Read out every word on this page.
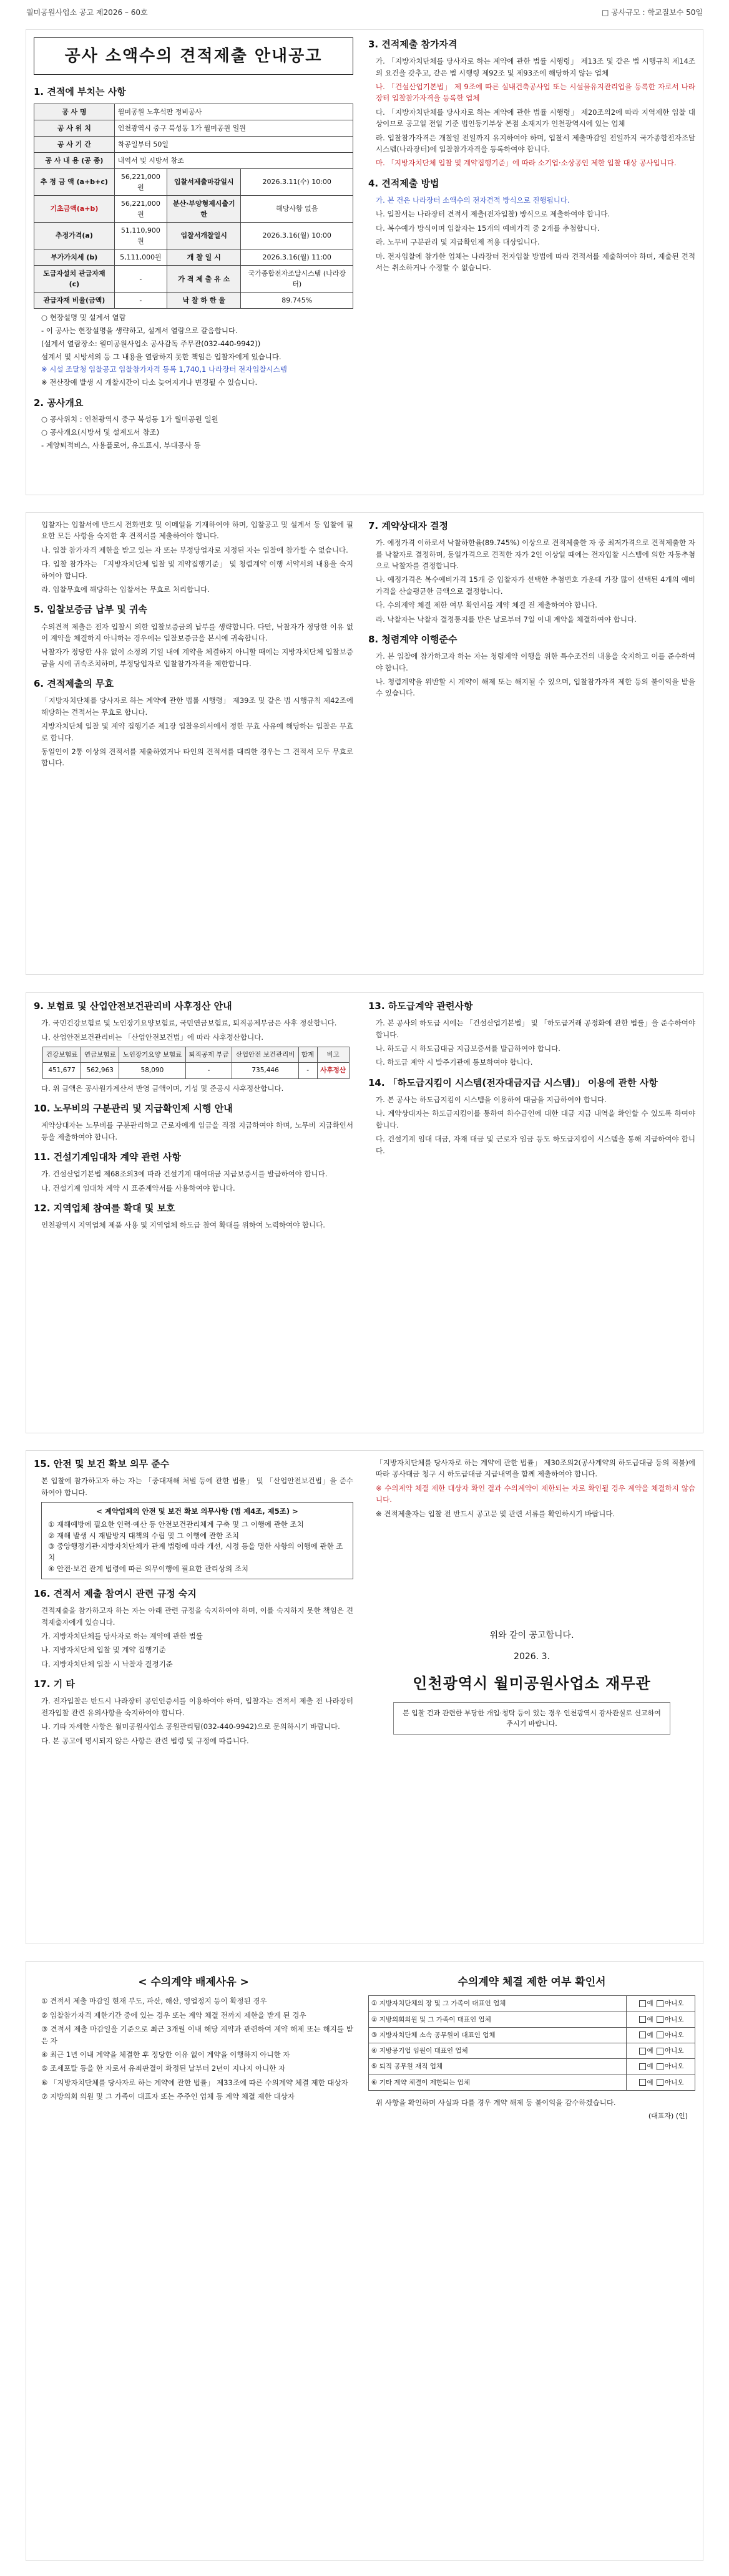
월미공원사업소 공고 제2026 – 60호	□ 공사규모 : 학교질보수 50일
공사 소액수의 견적제출 안내공고
1. 견적에 부치는 사항
공 사 명	월미공원 노후석판 정비공사		
공 사 위 치	인천광역시 중구 북성동 1가 월미공원 일원		
공 사 기 간	착공일부터 50일		
공 사 내 용 (공 종)	내역서 및 시방서 참조		
추 정 금 액 (a+b+c)	56,221,000원	입찰서제출마감일시	2026.3.11(수) 10:00
기초금액(a+b)	56,221,000원	분산·부양형제시출기한	해당사항 없음
추정가격(a)	51,110,900원	입찰서개찰일시	2026.3.16(월) 10:00
부가가치세 (b)	5,111,000원	개 찰 일 시	2026.3.16(월) 11:00
도급자설치 관급자재 (c)	-	가 격 제 출 유 소	국가종합전자조달시스템 (나라장터)
관급자재 비율(금액)	-	낙 찰 하 한 율	89.745%
○ 현장설명 및 설계서 열람
- 이 공사는 현장설명을 생략하고, 설계서 열람으로 갈음합니다.
(설계서 열람장소: 월미공원사업소 공사감독 주무관(032-440-9942))
설계서 및 시방서의 등 그 내용을 열람하지 못한 책임은 입찰자에게 있습니다.
※ 시설 조달청 입찰공고 입찰참가자격 등록 1,740,1 나라장터 전자입찰시스템
※ 전산장애 발생 시 개찰시간이 다소 늦어지거나 변경될 수 있습니다.
2. 공사개요
○ 공사위치 : 인천광역시 중구 북성동 1가 월미공원 일원
○ 공사개요(시방서 및 설계도서 참조)
- 계양퇴적비스, 사용플로어, 유도표시, 부대공사 등
3. 견적제출 참가자격
가. 「지방자치단체를 당사자로 하는 계약에 관한 법률 시행령」 제13조 및 같은 법 시행규칙 제14조의 요건을 갖추고, 같은 법 시행령 제92조 및 제93조에 해당하지 않는 업체
나. 「건설산업기본법」 제 9조에 따른 실내건축공사업 또는 시설물유지관리업을 등록한 자로서 나라장터 입찰참가자격을 등록한 업체
다. 「지방자치단체를 당사자로 하는 계약에 관한 법률 시행령」 제20조의2에 따라 지역제한 입찰 대상이므로 공고일 전일 기준 법인등기부상 본점 소재지가 인천광역시에 있는 업체
라. 입찰참가자격은 개찰일 전일까지 유지하여야 하며, 입찰서 제출마감일 전일까지 국가종합전자조달시스템(나라장터)에 입찰참가자격을 등록하여야 합니다.
마. 「지방자치단체 입찰 및 계약집행기준」에 따라 소기업·소상공인 제한 입찰 대상 공사입니다.
4. 견적제출 방법
가. 본 건은 나라장터 소액수의 전자견적 방식으로 진행됩니다.
나. 입찰서는 나라장터 견적서 제출(전자입찰) 방식으로 제출하여야 합니다.
다. 복수예가 방식이며 입찰자는 15개의 예비가격 중 2개를 추첨합니다.
라. 노무비 구분관리 및 지급확인제 적용 대상입니다.
마. 전자입찰에 참가한 업체는 나라장터 전자입찰 방법에 따라 견적서를 제출하여야 하며, 제출된 견적서는 취소하거나 수정할 수 없습니다.
입찰자는 입찰서에 반드시 전화번호 및 이메일을 기재하여야 하며, 입찰공고 및 설계서 등 입찰에 필요한 모든 사항을 숙지한 후 견적서를 제출하여야 합니다.
나. 입찰 참가자격 제한을 받고 있는 자 또는 부정당업자로 지정된 자는 입찰에 참가할 수 없습니다.
다. 입찰 참가자는 「지방자치단체 입찰 및 계약집행기준」 및 청렴계약 이행 서약서의 내용을 숙지하여야 합니다.
라. 입찰무효에 해당하는 입찰서는 무효로 처리합니다.
5. 입찰보증금 납부 및 귀속
수의견적 제출은 전자 입찰시 의한 입찰보증금의 납부를 생략합니다. 다만, 낙찰자가 정당한 이유 없이 계약을 체결하지 아니하는 경우에는 입찰보증금을 본시에 귀속합니다.
낙찰자가 정당한 사유 없이 소정의 기일 내에 계약을 체결하지 아니할 때에는 지방자치단체 입찰보증금을 시에 귀속조치하며, 부정당업자로 입찰참가자격을 제한합니다.
6. 견적제출의 무효
「지방자치단체를 당사자로 하는 계약에 관한 법률 시행령」 제39조 및 같은 법 시행규칙 제42조에 해당하는 견적서는 무효로 합니다.
지방자치단체 입찰 및 계약 집행기준 제1장 입찰유의서에서 정한 무효 사유에 해당하는 입찰은 무효로 합니다.
동일인이 2통 이상의 견적서를 제출하였거나 타인의 견적서를 대리한 경우는 그 견적서 모두 무효로 합니다.
7. 계약상대자 결정
가. 예정가격 이하로서 낙찰하한율(89.745%) 이상으로 견적제출한 자 중 최저가격으로 견적제출한 자를 낙찰자로 결정하며, 동일가격으로 견적한 자가 2인 이상일 때에는 전자입찰 시스템에 의한 자동추첨으로 낙찰자를 결정합니다.
나. 예정가격은 복수예비가격 15개 중 입찰자가 선택한 추첨번호 가운데 가장 많이 선택된 4개의 예비가격을 산술평균한 금액으로 결정합니다.
다. 수의계약 체결 제한 여부 확인서를 계약 체결 전 제출하여야 합니다.
라. 낙찰자는 낙찰자 결정통지를 받은 날로부터 7일 이내 계약을 체결하여야 합니다.
8. 청렴계약 이행준수
가. 본 입찰에 참가하고자 하는 자는 청렴계약 이행을 위한 특수조건의 내용을 숙지하고 이를 준수하여야 합니다.
나. 청렴계약을 위반할 시 계약이 해제 또는 해지될 수 있으며, 입찰참가자격 제한 등의 불이익을 받을 수 있습니다.
9. 보험료 및 산업안전보건관리비 사후정산 안내
가. 국민건강보험료 및 노인장기요양보험료, 국민연금보험료, 퇴직공제부금은 사후 정산합니다.
나. 산업안전보건관리비는 「산업안전보건법」에 따라 사후정산합니다.
건강보험료	연금보험료	노인장기요양 보험료	퇴직공제 부금	산업안전 보건관리비	합계	비고
451,677	562,963	58,090	-	735,446	-	사후정산
다. 위 금액은 공사원가계산서 반영 금액이며, 기성 및 준공시 사후정산합니다.
10. 노무비의 구분관리 및 지급확인제 시행 안내
계약상대자는 노무비를 구분관리하고 근로자에게 임금을 직접 지급하여야 하며, 노무비 지급확인서 등을 제출하여야 합니다.
11. 건설기계임대차 계약 관련 사항
가. 건설산업기본법 제68조의3에 따라 건설기계 대여대금 지급보증서를 발급하여야 합니다.
나. 건설기계 임대차 계약 시 표준계약서를 사용하여야 합니다.
12. 지역업체 참여를 확대 및 보호
인천광역시 지역업체 제품 사용 및 지역업체 하도급 참여 확대를 위하여 노력하여야 합니다.
13. 하도급계약 관련사항
가. 본 공사의 하도급 시에는 「건설산업기본법」 및 「하도급거래 공정화에 관한 법률」을 준수하여야 합니다.
나. 하도급 시 하도급대금 지급보증서를 발급하여야 합니다.
다. 하도급 계약 시 발주기관에 통보하여야 합니다.
14. 「하도급지킴이 시스템(전자대금지급 시스템)」 이용에 관한 사항
가. 본 공사는 하도급지킴이 시스템을 이용하여 대금을 지급하여야 합니다.
나. 계약상대자는 하도급지킴이를 통하여 하수급인에 대한 대금 지급 내역을 확인할 수 있도록 하여야 합니다.
다. 건설기계 임대 대금, 자재 대금 및 근로자 임금 등도 하도급지킴이 시스템을 통해 지급하여야 합니다.
15. 안전 및 보건 확보 의무 준수
본 입찰에 참가하고자 하는 자는 「중대재해 처벌 등에 관한 법률」 및 「산업안전보건법」을 준수하여야 합니다.
< 계약업체의 안전 및 보건 확보 의무사항 (법 제4조, 제5조) >
① 재해예방에 필요한 인력·예산 등 안전보건관리체계 구축 및 그 이행에 관한 조치
② 재해 발생 시 재발방지 대책의 수립 및 그 이행에 관한 조치
③ 중앙행정기관·지방자치단체가 관계 법령에 따라 개선, 시정 등을 명한 사항의 이행에 관한 조치
④ 안전·보건 관계 법령에 따른 의무이행에 필요한 관리상의 조치
16. 견적서 제출 참여시 관련 규정 숙지
견적제출을 참가하고자 하는 자는 아래 관련 규정을 숙지하여야 하며, 이를 숙지하지 못한 책임은 견적제출자에게 있습니다.
가. 지방자치단체를 당사자로 하는 계약에 관한 법률
나. 지방자치단체 입찰 및 계약 집행기준
다. 지방자치단체 입찰 시 낙찰자 결정기준
17. 기 타
가. 전자입찰은 반드시 나라장터 공인인증서를 이용하여야 하며, 입찰자는 견적서 제출 전 나라장터 전자입찰 관련 유의사항을 숙지하여야 합니다.
나. 기타 자세한 사항은 월미공원사업소 공원관리팀(032-440-9942)으로 문의하시기 바랍니다.
다. 본 공고에 명시되지 않은 사항은 관련 법령 및 규정에 따릅니다.
「지방자치단체를 당사자로 하는 계약에 관한 법률」 제30조의2(공사계약의 하도급대금 등의 직불)에 따라 공사대금 청구 시 하도급대금 지급내역을 함께 제출하여야 합니다.
※ 수의계약 체결 제한 대상자 확인 결과 수의계약이 제한되는 자로 확인될 경우 계약을 체결하지 않습니다.
※ 견적제출자는 입찰 전 반드시 공고문 및 관련 서류를 확인하시기 바랍니다.
위와 같이 공고합니다.
2026. 3.
인천광역시 월미공원사업소 재무관
본 입찰 건과 관련한 부당한 개입·청탁 등이 있는 경우 인천광역시 감사관실로 신고하여 주시기 바랍니다.
< 수의계약 배제사유 >
① 견적서 제출 마감일 현재 부도, 파산, 해산, 영업정지 등이 확정된 경우
② 입찰참가자격 제한기간 중에 있는 경우 또는 계약 체결 전까지 제한을 받게 된 경우
③ 견적서 제출 마감일을 기준으로 최근 3개월 이내 해당 계약과 관련하여 계약 해제 또는 해지를 받은 자
④ 최근 1년 이내 계약을 체결한 후 정당한 이유 없이 계약을 이행하지 아니한 자
⑤ 조세포탈 등을 한 자로서 유죄판결이 확정된 날부터 2년이 지나지 아니한 자
⑥ 「지방자치단체를 당사자로 하는 계약에 관한 법률」 제33조에 따른 수의계약 체결 제한 대상자
⑦ 지방의회 의원 및 그 가족이 대표자 또는 주주인 업체 등 계약 체결 제한 대상자
수의계약 체결 제한 여부 확인서
① 지방자치단체의 장 및 그 가족이 대표인 업체	예 아니오
② 지방의회의원 및 그 가족이 대표인 업체	예 아니오
③ 지방자치단체 소속 공무원이 대표인 업체	예 아니오
④ 지방공기업 임원이 대표인 업체	예 아니오
⑤ 퇴직 공무원 재직 업체	예 아니오
⑥ 기타 계약 체결이 제한되는 업체	예 아니오
위 사항을 확인하며 사실과 다를 경우 계약 해제 등 불이익을 감수하겠습니다.
(대표자) (인)
